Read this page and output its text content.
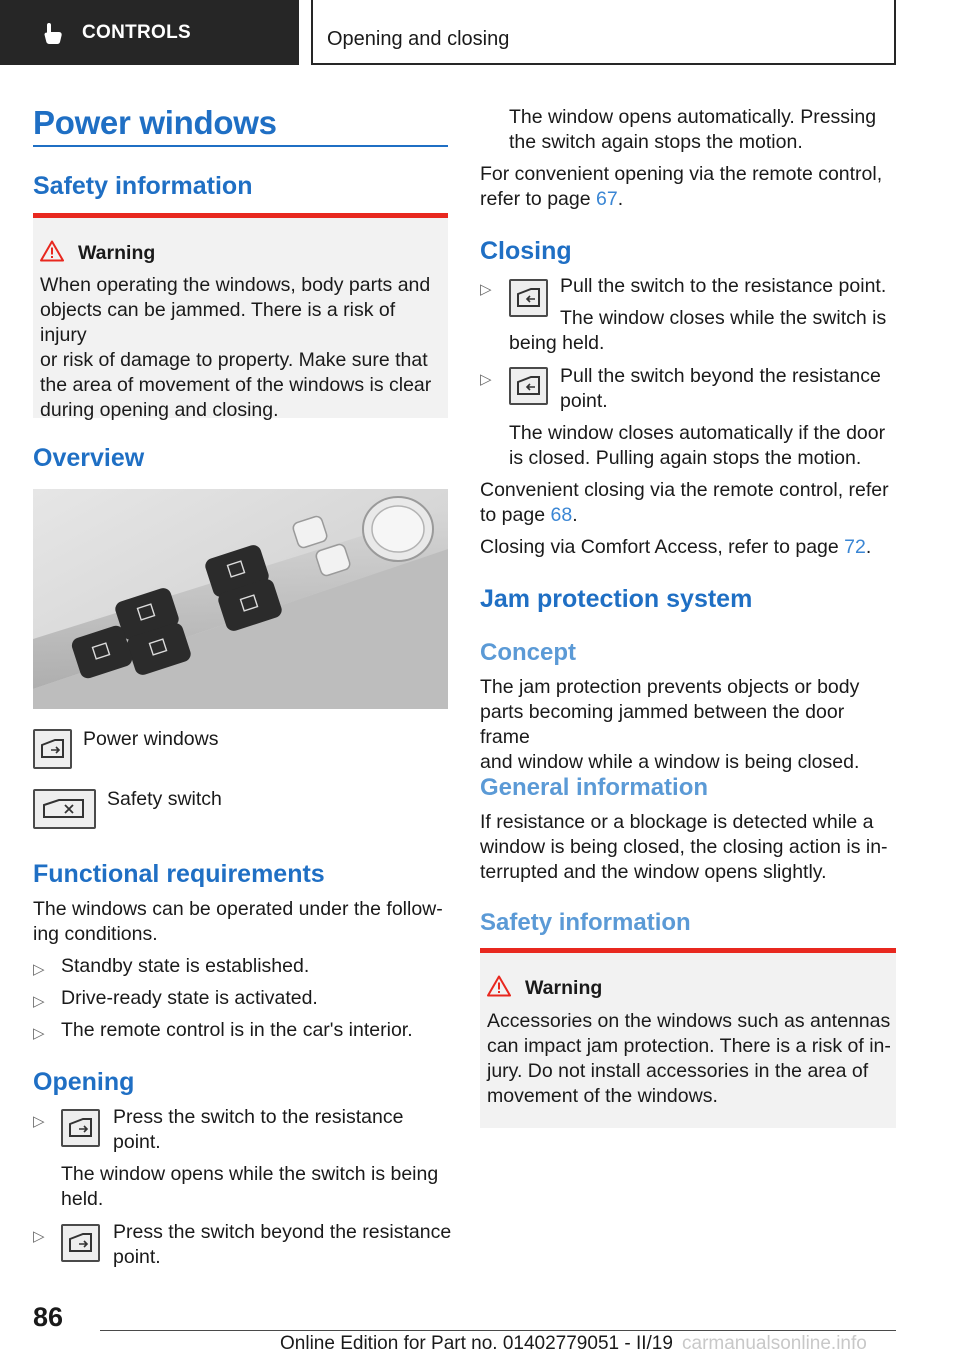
CONTROLS	Opening and closing
Power windows
Safety information
Warning
When operating the windows, body parts and
objects can be jammed. There is a risk of injury
or risk of damage to property. Make sure that
the area of movement of the windows is clear
during opening and closing.
Overview
Power windows
Safety switch
Functional requirements
The windows can be operated under the follow‐
ing conditions.
▷ Standby state is established.
▷ Drive-ready state is activated.
▷ The remote control is in the car's interior.
Opening
▷	Press the switch to the resistance
point.
The window opens while the switch is being
held.
▷	Press the switch beyond the resistance
point.
The window opens automatically. Pressing
the switch again stops the motion.
For convenient opening via the remote control,
refer to page 67.
Closing
▷	Pull the switch to the resistance point.
The window closes while the switch is
being held.
▷	Pull the switch beyond the resistance
point.
The window closes automatically if the door
is closed. Pulling again stops the motion.
Convenient closing via the remote control, refer
to page 68.
Closing via Comfort Access, refer to page 72.
Jam protection system
Concept
The jam protection prevents objects or body
parts becoming jammed between the door frame
and window while a window is being closed.
General information
If resistance or a blockage is detected while a
window is being closed, the closing action is in‐
terrupted and the window opens slightly.
Safety information
Warning
Accessories on the windows such as antennas
can impact jam protection. There is a risk of in‐
jury. Do not install accessories in the area of
movement of the windows.
86
Online Edition for Part no. 01402779051 - II/19 carmanualsonline.info
